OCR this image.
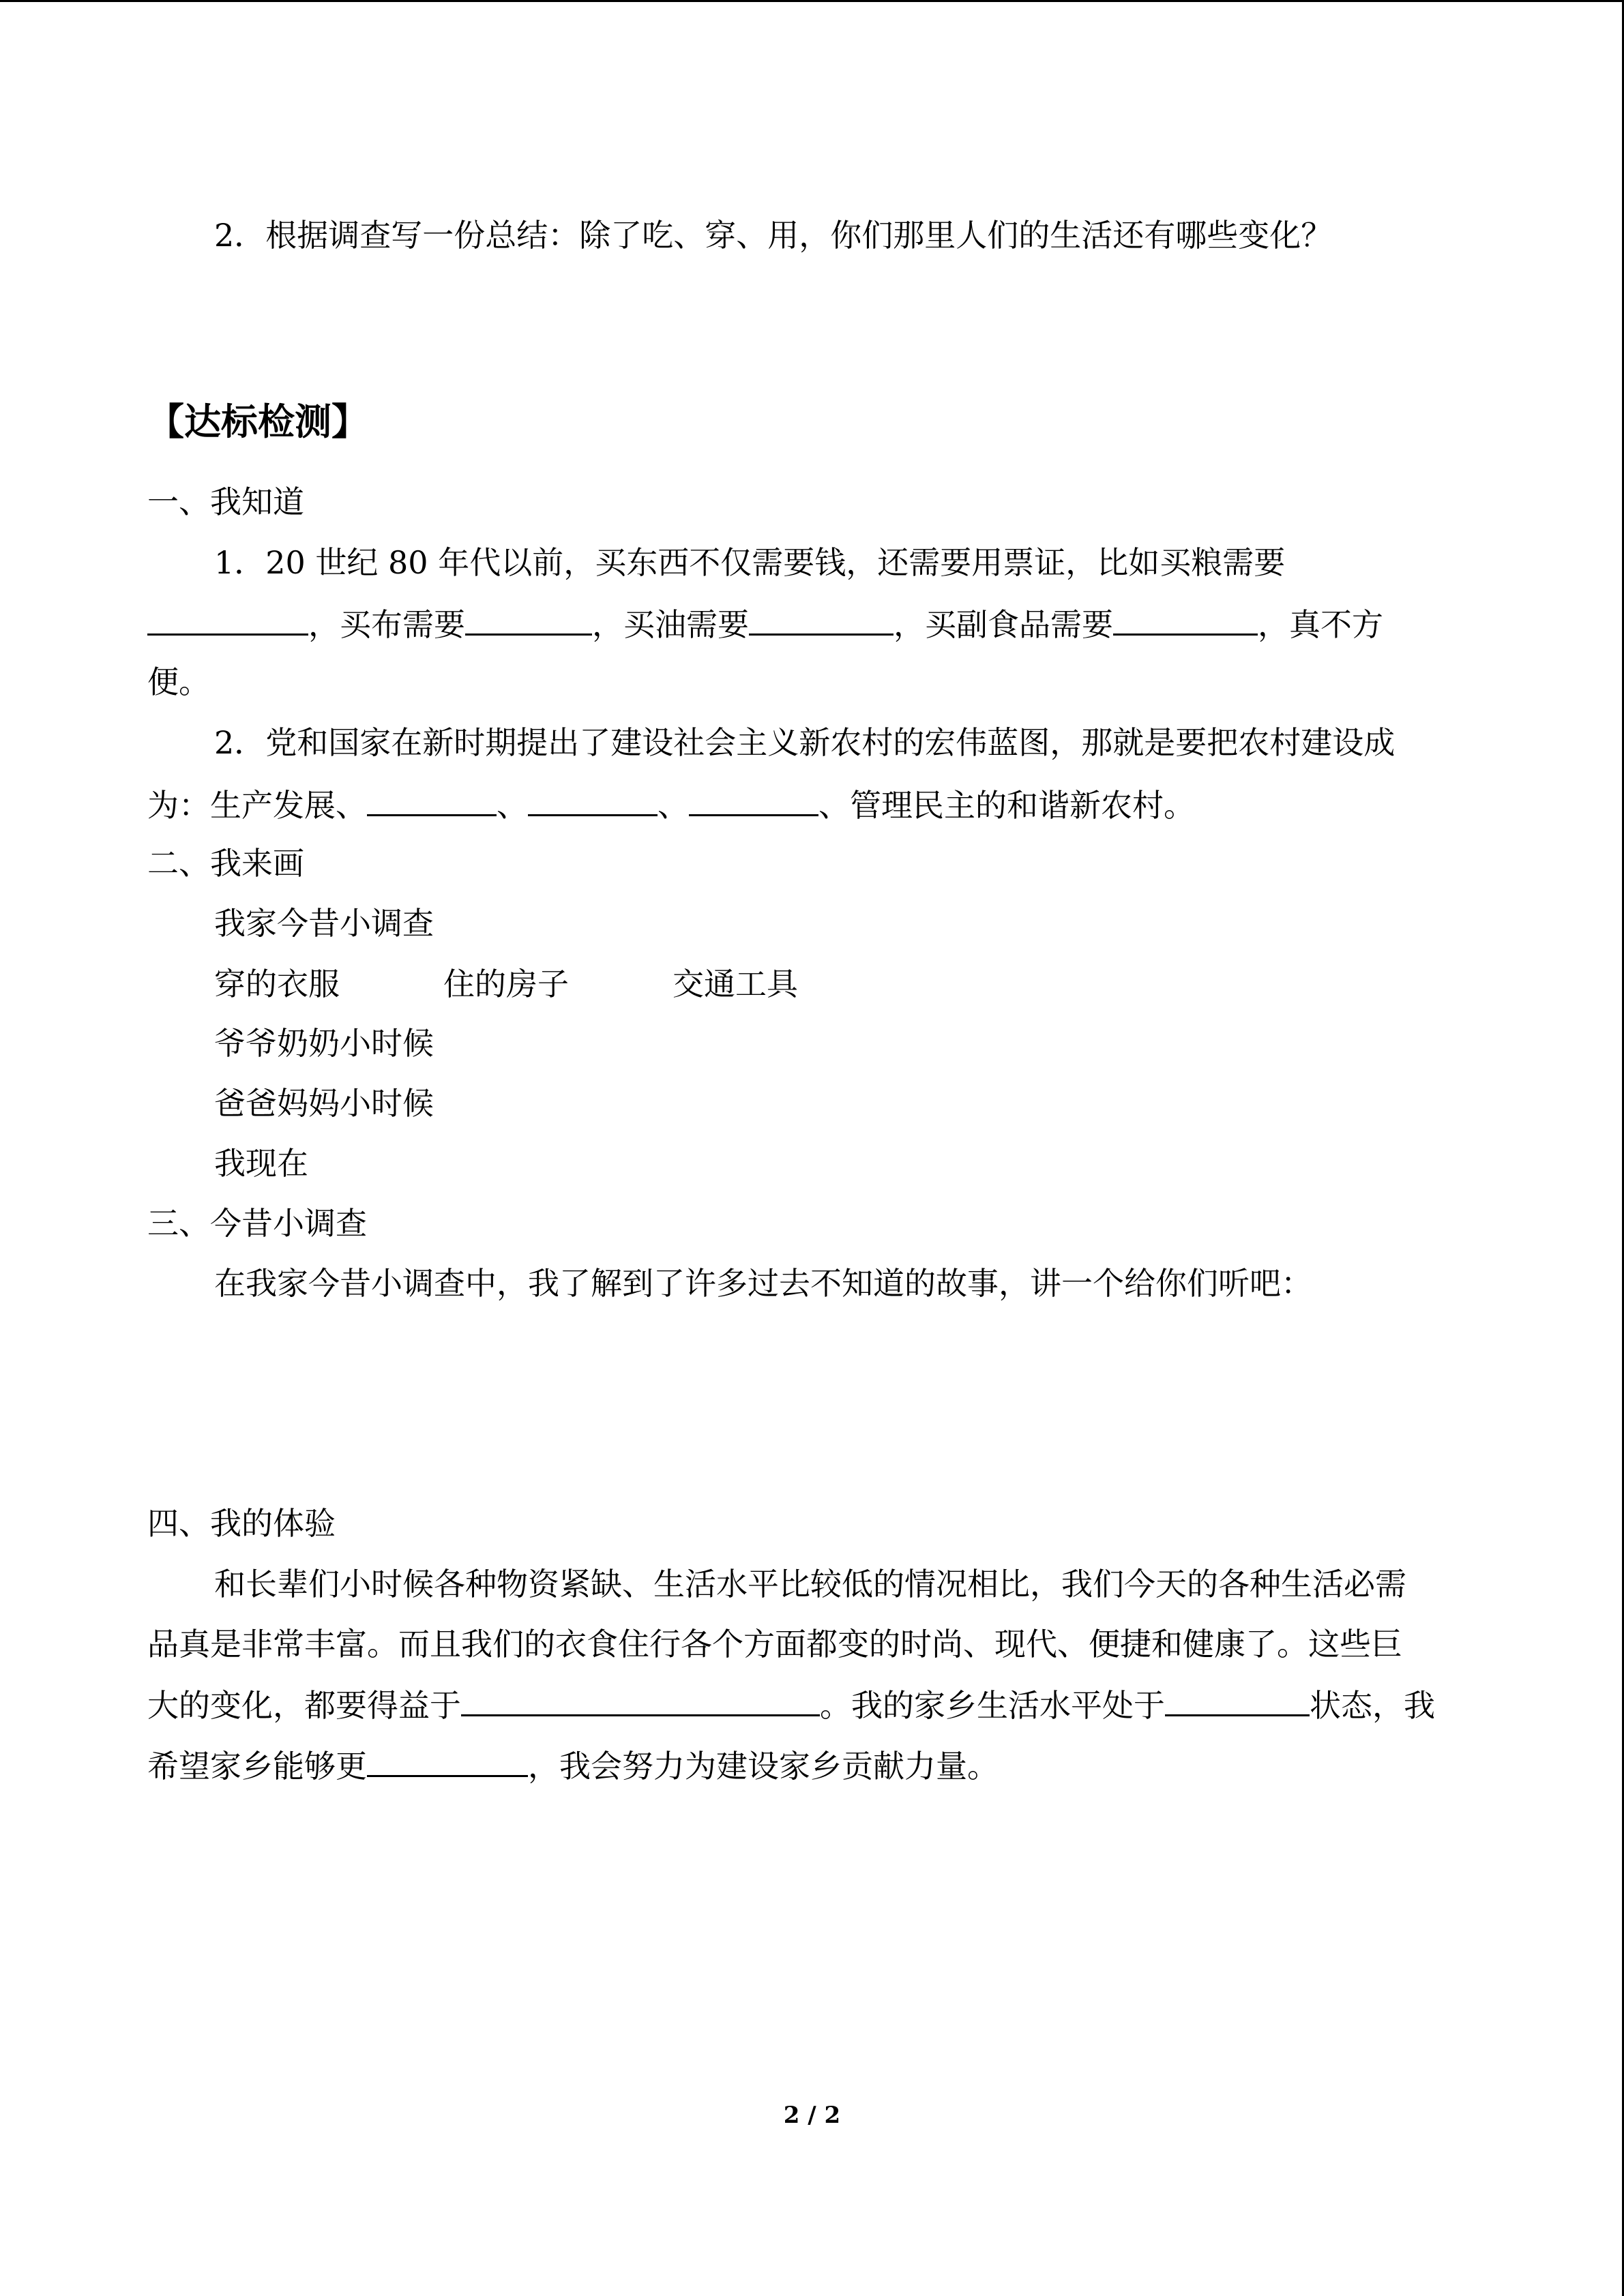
2．根据调查写一份总结：除了吃、穿、用，你们那里人们的生活还有哪些变化？
【达标检测】
一、我知道
1．20 世纪 80 年代以前，买东西不仅需要钱，还需要用票证，比如买粮需要
，买布需要	，买油需要	，买副食品需要	，真不方
便。
2．党和国家在新时期提出了建设社会主义新农村的宏伟蓝图，那就是要把农村建设成
为：生产发展、	、	、	、管理民主的和谐新农村。
二、我来画
我家今昔小调查
穿的衣服	住的房子	交通工具
爷爷奶奶小时候
爸爸妈妈小时候
我现在
三、今昔小调查
在我家今昔小调查中，我了解到了许多过去不知道的故事，讲一个给你们听吧：
四、我的体验
和长辈们小时候各种物资紧缺、生活水平比较低的情况相比，我们今天的各种生活必需
品真是非常丰富。而且我们的衣食住行各个方面都变的时尚、现代、便捷和健康了。这些巨
大的变化，都要得益于	。我的家乡生活水平处于	状态，我
希望家乡能够更	，我会努力为建设家乡贡献力量。
2 / 2
